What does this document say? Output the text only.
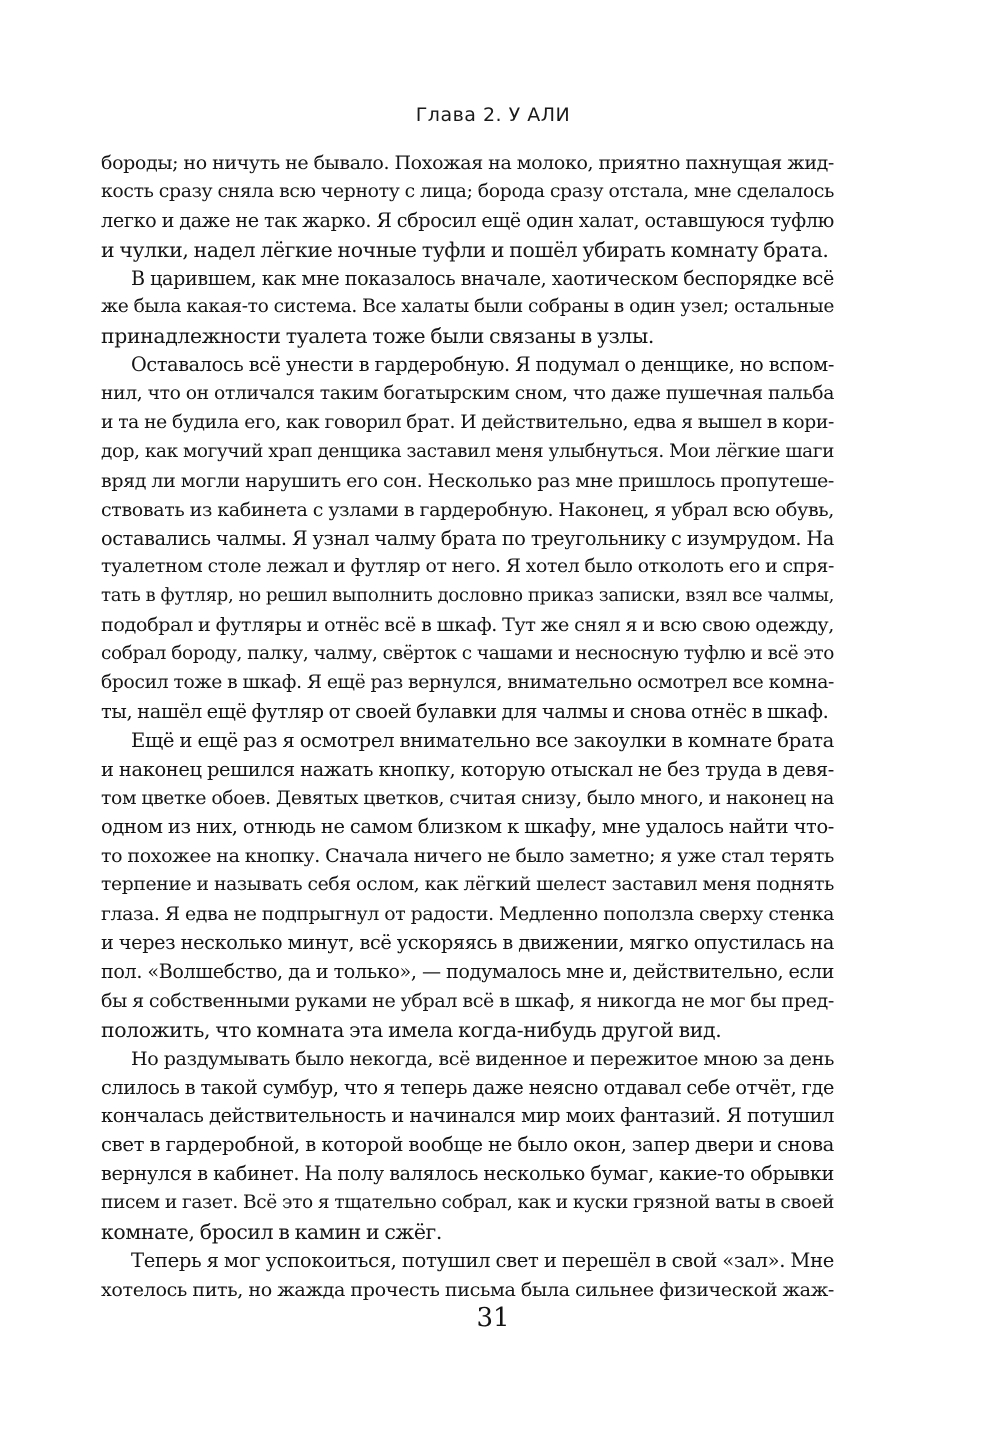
Глава 2. У АЛИ
бороды; но ничуть не бывало. Похожая на молоко, приятно пахнущая жид-
кость сразу сняла всю черноту с лица; борода сразу отстала, мне сделалось
легко и даже не так жарко. Я сбросил ещё один халат, оставшуюся туфлю
и чулки, надел лёгкие ночные туфли и пошёл убирать комнату брата.
В царившем, как мне показалось вначале, хаотическом беспорядке всё
же была какая-то система. Все халаты были собраны в один узел; остальные
принадлежности туалета тоже были связаны в узлы.
Оставалось всё унести в гардеробную. Я подумал о денщике, но вспом-
нил, что он отличался таким богатырским сном, что даже пушечная пальба
и та не будила его, как говорил брат. И действительно, едва я вышел в кори-
дор, как могучий храп денщика заставил меня улыбнуться. Мои лёгкие шаги
вряд ли могли нарушить его сон. Несколько раз мне пришлось пропутеше-
ствовать из кабинета с узлами в гардеробную. Наконец, я убрал всю обувь,
оставались чалмы. Я узнал чалму брата по треугольнику с изумрудом. На
туалетном столе лежал и футляр от него. Я хотел было отколоть его и спря-
тать в футляр, но решил выполнить дословно приказ записки, взял все чалмы,
подобрал и футляры и отнёс всё в шкаф. Тут же снял я и всю свою одежду,
собрал бороду, палку, чалму, свёрток с чашами и несносную туфлю и всё это
бросил тоже в шкаф. Я ещё раз вернулся, внимательно осмотрел все комна-
ты, нашёл ещё футляр от своей булавки для чалмы и снова отнёс в шкаф.
Ещё и ещё раз я осмотрел внимательно все закоулки в комнате брата
и наконец решился нажать кнопку, которую отыскал не без труда в девя-
том цветке обоев. Девятых цветков, считая снизу, было много, и наконец на
одном из них, отнюдь не самом близком к шкафу, мне удалось найти что-
то похожее на кнопку. Сначала ничего не было заметно; я уже стал терять
терпение и называть себя ослом, как лёгкий шелест заставил меня поднять
глаза. Я едва не подпрыгнул от радости. Медленно поползла сверху стенка
и через несколько минут, всё ускоряясь в движении, мягко опустилась на
пол. «Волшебство, да и только», — подумалось мне и, действительно, если
бы я собственными руками не убрал всё в шкаф, я никогда не мог бы пред-
положить, что комната эта имела когда-нибудь другой вид.
Но раздумывать было некогда, всё виденное и пережитое мною за день
слилось в такой сумбур, что я теперь даже неясно отдавал себе отчёт, где
кончалась действительность и начинался мир моих фантазий. Я потушил
свет в гардеробной, в которой вообще не было окон, запер двери и снова
вернулся в кабинет. На полу валялось несколько бумаг, какие-то обрывки
писем и газет. Всё это я тщательно собрал, как и куски грязной ваты в своей
комнате, бросил в камин и сжёг.
Теперь я мог успокоиться, потушил свет и перешёл в свой «зал». Мне
хотелось пить, но жажда прочесть письма была сильнее физической жаж-
31
